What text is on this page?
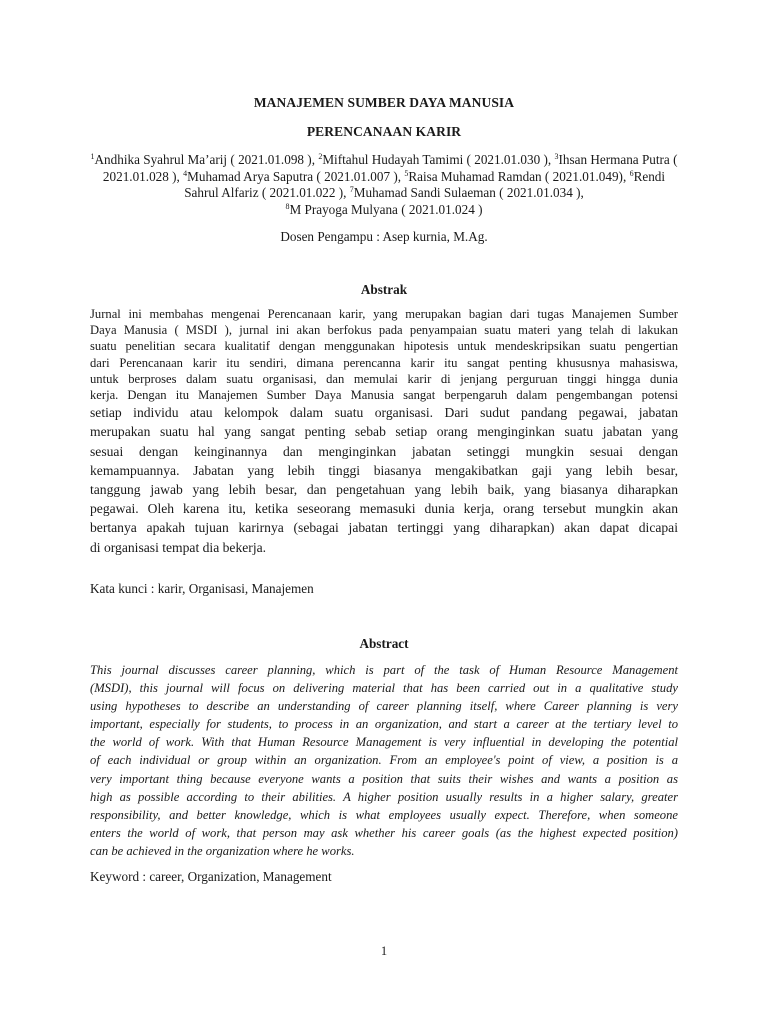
MANAJEMEN SUMBER DAYA MANUSIA
PERENCANAAN KARIR
$^1$Andhika Syahrul Ma’arij ( 2021.01.098 ), $^2$Miftahul Hudayah Tamimi ( 2021.01.030 ), $^3$Ihsan Hermana Putra ( 2021.01.028 ), $^4$Muhamad Arya Saputra ( 2021.01.007 ), $^5$Raisa Muhamad Ramdan ( 2021.01.049), $^6$Rendi Sahrul Alfariz ( 2021.01.022 ), $^7$Muhamad Sandi Sulaeman ( 2021.01.034 ),
$^8$M Prayoga Mulyana ( 2021.01.024 )
Dosen Pengampu : Asep kurnia, M.Ag.
Abstrak
Jurnal ini membahas mengenai Perencanaan karir, yang merupakan bagian dari tugas Manajemen Sumber
Daya Manusia ( MSDI ), jurnal ini akan berfokus pada penyampaian suatu materi yang telah di lakukan
suatu penelitian secara kualitatif dengan menggunakan hipotesis untuk mendeskripsikan suatu pengertian
dari Perencanaan karir itu sendiri, dimana perencanna karir itu sangat penting khususnya mahasiswa,
untuk berproses dalam suatu organisasi, dan memulai karir di jenjang perguruan tinggi hingga dunia
kerja. Dengan itu Manajemen Sumber Daya Manusia sangat berpengaruh dalam pengembangan potensi
setiap individu atau kelompok dalam suatu organisasi. Dari sudut pandang pegawai, jabatan
merupakan suatu hal yang sangat penting sebab setiap orang menginginkan suatu jabatan yang
sesuai dengan keinginannya dan menginginkan jabatan setinggi mungkin sesuai dengan
kemampuannya. Jabatan yang lebih tinggi biasanya mengakibatkan gaji yang lebih besar,
tanggung jawab yang lebih besar, dan pengetahuan yang lebih baik, yang biasanya diharapkan
pegawai. Oleh karena itu, ketika seseorang memasuki dunia kerja, orang tersebut mungkin akan
bertanya apakah tujuan karirnya (sebagai jabatan tertinggi yang diharapkan) akan dapat dicapai
di organisasi tempat dia bekerja.
Kata kunci : karir, Organisasi, Manajemen
Abstract
This journal discusses career planning, which is part of the task of Human Resource Management
(MSDI), this journal will focus on delivering material that has been carried out in a qualitative study
using hypotheses to describe an understanding of career planning itself, where Career planning is very
important, especially for students, to process in an organization, and start a career at the tertiary level to
the world of work. With that Human Resource Management is very influential in developing the potential
of each individual or group within an organization. From an employee's point of view, a position is a
very important thing because everyone wants a position that suits their wishes and wants a position as
high as possible according to their abilities. A higher position usually results in a higher salary, greater
responsibility, and better knowledge, which is what employees usually expect. Therefore, when someone
enters the world of work, that person may ask whether his career goals (as the highest expected position)
can be achieved in the organization where he works.
Keyword : career, Organization, Management
1
